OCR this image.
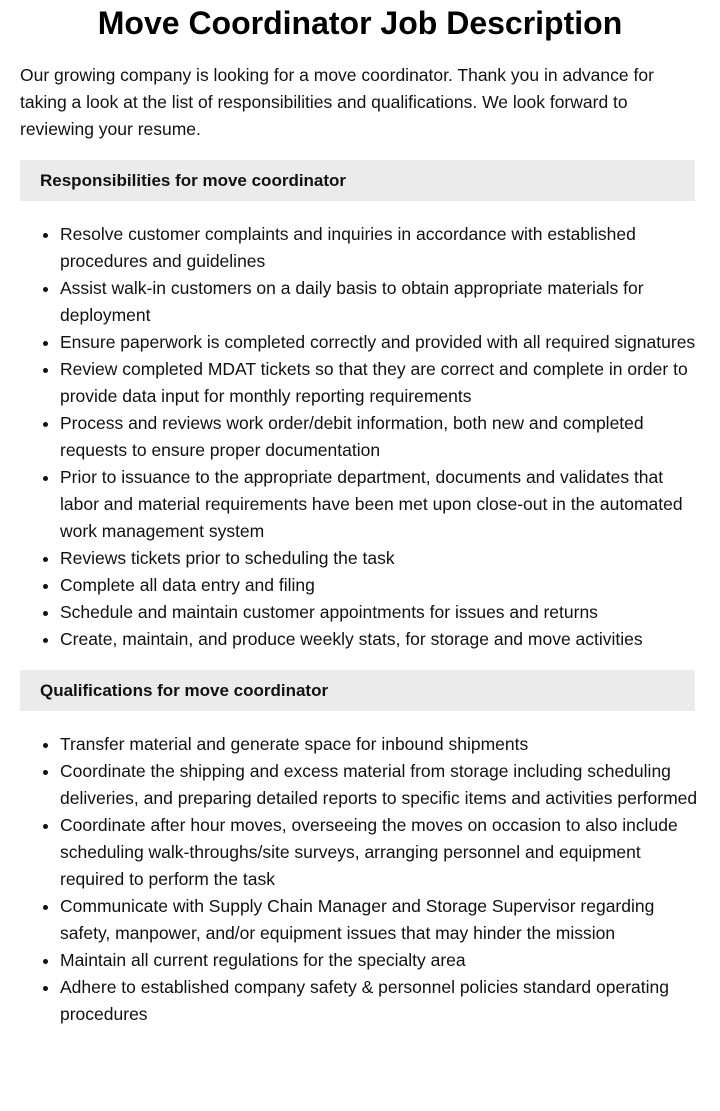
Move Coordinator Job Description

Our growing company is looking for a move coordinator. Thank you in advance for taking a look at the list of responsibilities and qualifications. We look forward to reviewing your resume.

Responsibilities for move coordinator
• Resolve customer complaints and inquiries in accordance with established procedures and guidelines
• Assist walk-in customers on a daily basis to obtain appropriate materials for deployment
• Ensure paperwork is completed correctly and provided with all required signatures
• Review completed MDAT tickets so that they are correct and complete in order to provide data input for monthly reporting requirements
• Process and reviews work order/debit information, both new and completed requests to ensure proper documentation
• Prior to issuance to the appropriate department, documents and validates that labor and material requirements have been met upon close-out in the automated work management system
• Reviews tickets prior to scheduling the task
• Complete all data entry and filing
• Schedule and maintain customer appointments for issues and returns
• Create, maintain, and produce weekly stats, for storage and move activities
Qualifications for move coordinator
• Transfer material and generate space for inbound shipments
• Coordinate the shipping and excess material from storage including scheduling deliveries, and preparing detailed reports to specific items and activities performed
• Coordinate after hour moves, overseeing the moves on occasion to also include scheduling walk-throughs/site surveys, arranging personnel and equipment required to perform the task
• Communicate with Supply Chain Manager and Storage Supervisor regarding safety, manpower, and/or equipment issues that may hinder the mission
• Maintain all current regulations for the specialty area
• Adhere to established company safety & personnel policies standard operating procedures
